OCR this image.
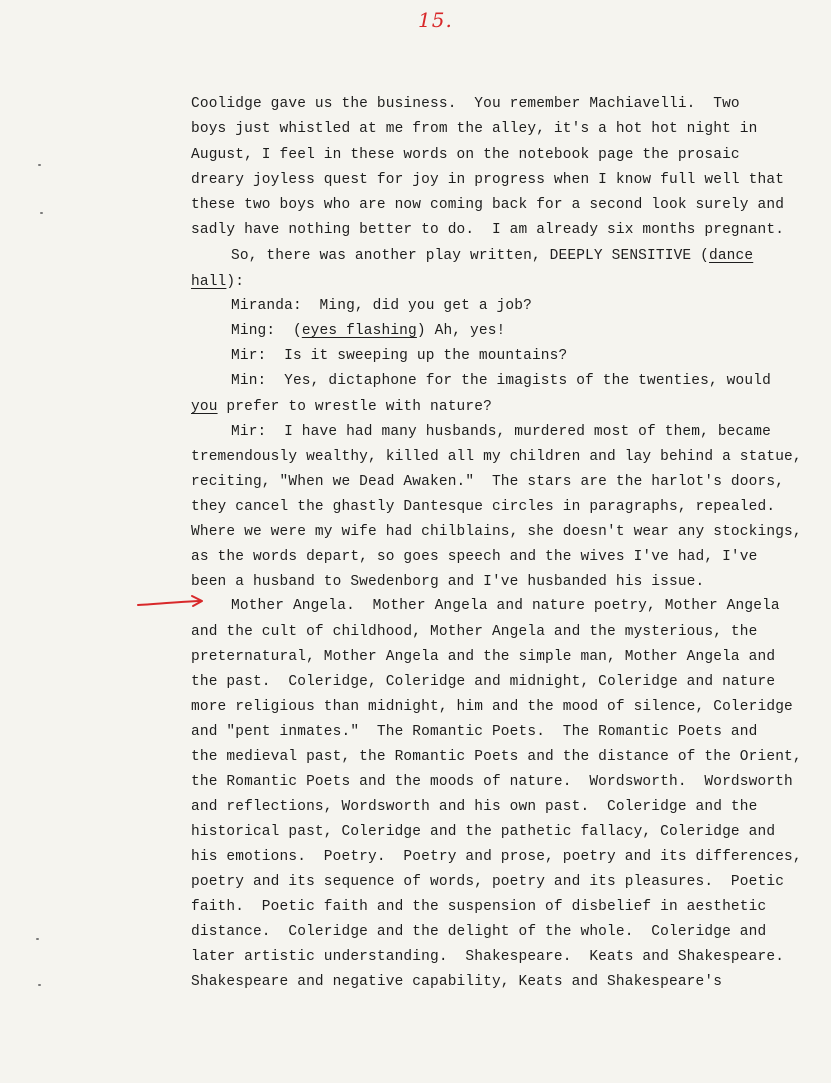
15.
Coolidge gave us the business.  You remember Machiavelli.  Two
boys just whistled at me from the alley, it's a hot hot night in
August, I feel in these words on the notebook page the prosaic
dreary joyless quest for joy in progress when I know full well that
these two boys who are now coming back for a second look surely and
sadly have nothing better to do.  I am already six months pregnant.
So, there was another play written, DEEPLY SENSITIVE (dance
hall):
Miranda:  Ming, did you get a job?
Ming:  (eyes flashing) Ah, yes!
Mir:  Is it sweeping up the mountains?
Min:  Yes, dictaphone for the imagists of the twenties, would
you prefer to wrestle with nature?
Mir:  I have had many husbands, murdered most of them, became
tremendously wealthy, killed all my children and lay behind a statue,
reciting, "When we Dead Awaken."  The stars are the harlot's doors,
they cancel the ghastly Dantesque circles in paragraphs, repealed.
Where we were my wife had chilblains, she doesn't wear any stockings,
as the words depart, so goes speech and the wives I've had, I've
been a husband to Swedenborg and I've husbanded his issue.
Mother Angela.  Mother Angela and nature poetry, Mother Angela
and the cult of childhood, Mother Angela and the mysterious, the
preternatural, Mother Angela and the simple man, Mother Angela and
the past.  Coleridge, Coleridge and midnight, Coleridge and nature
more religious than midnight, him and the mood of silence, Coleridge
and "pent inmates."  The Romantic Poets.  The Romantic Poets and
the medieval past, the Romantic Poets and the distance of the Orient,
the Romantic Poets and the moods of nature.  Wordsworth.  Wordsworth
and reflections, Wordsworth and his own past.  Coleridge and the
historical past, Coleridge and the pathetic fallacy, Coleridge and
his emotions.  Poetry.  Poetry and prose, poetry and its differences,
poetry and its sequence of words, poetry and its pleasures.  Poetic
faith.  Poetic faith and the suspension of disbelief in aesthetic
distance.  Coleridge and the delight of the whole.  Coleridge and
later artistic understanding.  Shakespeare.  Keats and Shakespeare.
Shakespeare and negative capability, Keats and Shakespeare's
